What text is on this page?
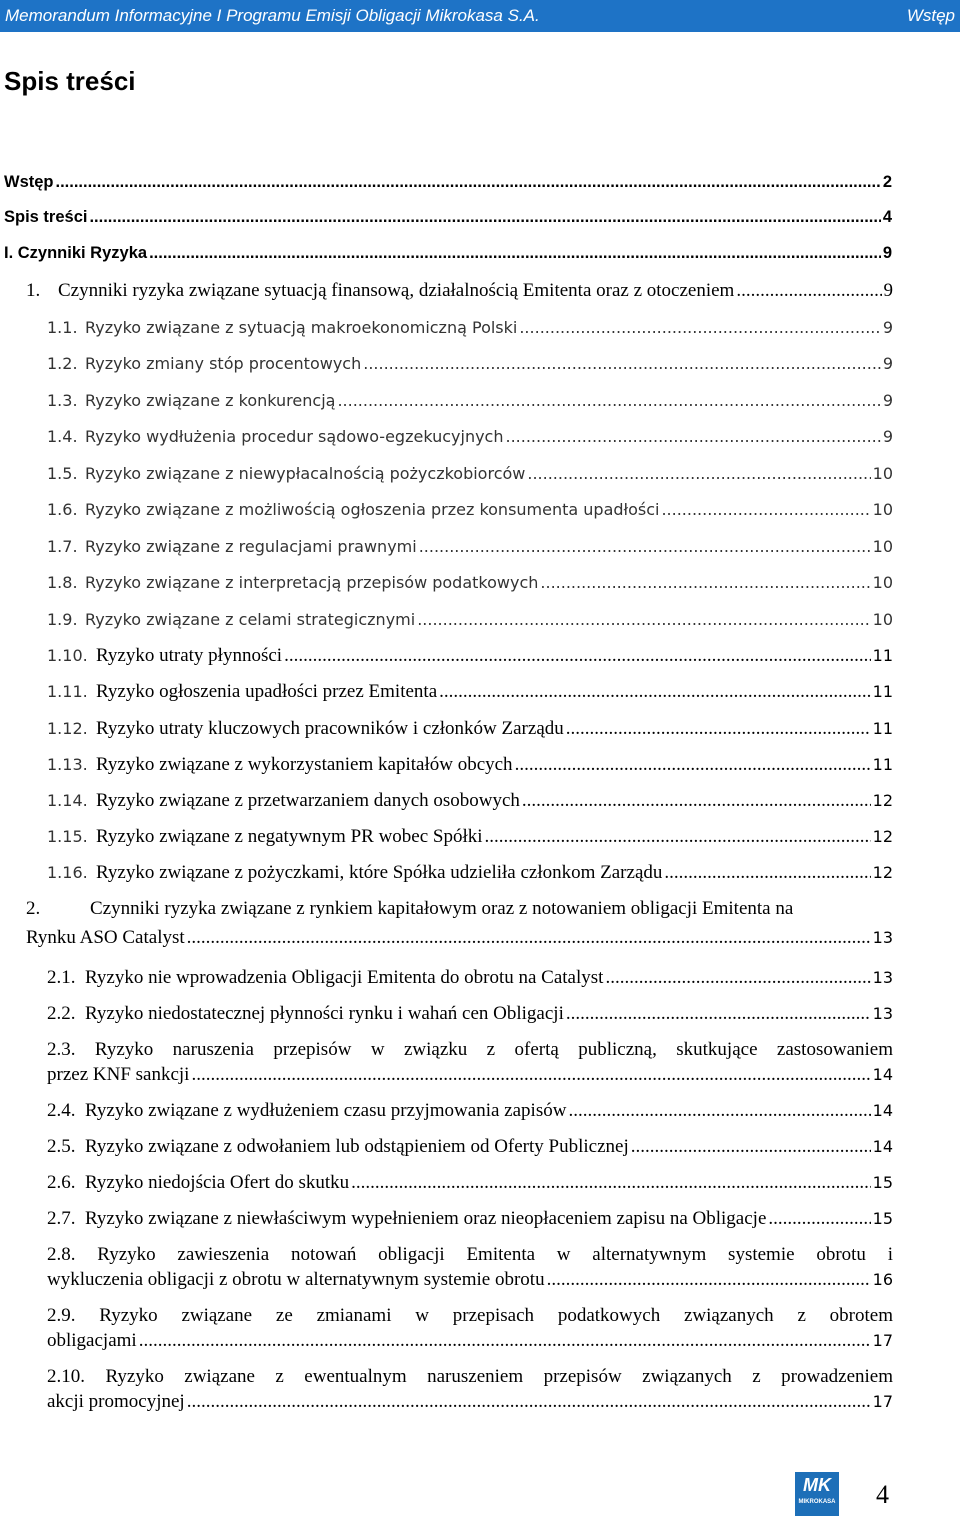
Memorandum Informacyjne I Programu Emisji Obligacji Mikrokasa S.A.	Wstęp
Spis treści
Wstęp .....	2
Spis treści .....	4
I. Czynniki Ryzyka .....	9
1. Czynniki ryzyka związane sytuacją finansową, działalnością Emitenta oraz z otoczeniem .....	9
1.1. Ryzyko związane z sytuacją makroekonomiczną Polski .....	9
1.2. Ryzyko zmiany stóp procentowych .....	9
1.3. Ryzyko związane z konkurencją .....	9
1.4. Ryzyko wydłużenia procedur sądowo-egzekucyjnych .....	9
1.5. Ryzyko związane z niewypłacalnością pożyczkobiorców .....	10
1.6. Ryzyko związane z możliwością ogłoszenia przez konsumenta upadłości .....	10
1.7. Ryzyko związane z regulacjami prawnymi .....	10
1.8. Ryzyko związane z interpretacją przepisów podatkowych .....	10
1.9. Ryzyko związane z celami strategicznymi .....	10
1.10. Ryzyko utraty płynności .....	11
1.11. Ryzyko ogłoszenia upadłości przez Emitenta .....	11
1.12. Ryzyko utraty kluczowych pracowników i członków Zarządu .....	11
1.13. Ryzyko związane z wykorzystaniem kapitałów obcych .....	11
1.14. Ryzyko związane z przetwarzaniem danych osobowych .....	12
1.15. Ryzyko związane z negatywnym PR wobec Spółki .....	12
1.16. Ryzyko związane z pożyczkami, które Spółka udzieliła członkom Zarządu .....	12
2.	Czynniki ryzyka związane z rynkiem kapitałowym oraz z notowaniem obligacji Emitenta na
Rynku ASO Catalyst .....	13
2.1. Ryzyko nie wprowadzenia Obligacji Emitenta do obrotu na Catalyst .....	13
2.2. Ryzyko niedostatecznej płynności rynku i wahań cen Obligacji .....	13
2.3. Ryzyko naruszenia przepisów w związku z ofertą publiczną, skutkujące zastosowaniem
przez KNF sankcji .....	14
2.4. Ryzyko związane z wydłużeniem czasu przyjmowania zapisów .....	14
2.5. Ryzyko związane z odwołaniem lub odstąpieniem od Oferty Publicznej .....	14
2.6. Ryzyko niedojścia Ofert do skutku .....	15
2.7. Ryzyko związane z niewłaściwym wypełnieniem oraz nieopłaceniem zapisu na Obligacje .....	15
2.8. Ryzyko zawieszenia notowań obligacji Emitenta w alternatywnym systemie obrotu i
wykluczenia obligacji z obrotu w alternatywnym systemie obrotu .....	16
2.9. Ryzyko związane ze zmianami w przepisach podatkowych związanych z obrotem
obligacjami .....	17
2.10. Ryzyko związane z ewentualnym naruszeniem przepisów związanych z prowadzeniem
akcji promocyjnej .....	17
MK
MIKROKASA 4
